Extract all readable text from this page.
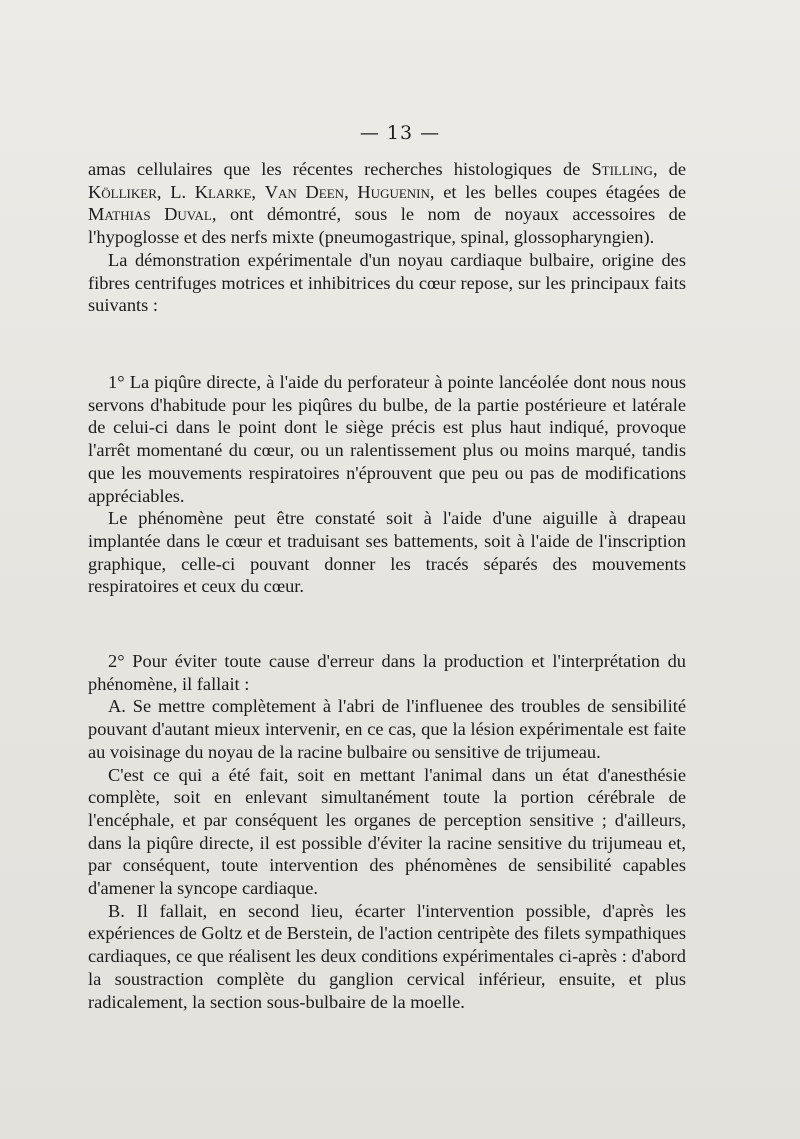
— 13 —

amas cellulaires que les récentes recherches histologiques de Stilling, de Kölliker, L. Klarke, Van Deen, Huguenin, et les belles coupes étagées de Mathias Duval, ont démontré, sous le nom de noyaux accessoires de l'hypoglosse et des nerfs mixte (pneumogastrique, spinal, glossopharyngien).

La démonstration expérimentale d'un noyau cardiaque bulbaire, origine des fibres centrifuges motrices et inhibitrices du cœur repose, sur les principaux faits suivants :

1° La piqûre directe, à l'aide du perforateur à pointe lancéolée dont nous nous servons d'habitude pour les piqûres du bulbe, de la partie postérieure et latérale de celui-ci dans le point dont le siège précis est plus haut indiqué, provoque l'arrêt momentané du cœur, ou un ralentissement plus ou moins marqué, tandis que les mouvements respiratoires n'éprouvent que peu ou pas de modifications appréciables.

Le phénomène peut être constaté soit à l'aide d'une aiguille à drapeau implantée dans le cœur et traduisant ses battements, soit à l'aide de l'inscription graphique, celle-ci pouvant donner les tracés séparés des mouvements respiratoires et ceux du cœur.

2° Pour éviter toute cause d'erreur dans la production et l'interprétation du phénomène, il fallait :

A. Se mettre complètement à l'abri de l'influenee des troubles de sensibilité pouvant d'autant mieux intervenir, en ce cas, que la lésion expérimentale est faite au voisinage du noyau de la racine bulbaire ou sensitive de trijumeau.

C'est ce qui a été fait, soit en mettant l'animal dans un état d'anesthésie complète, soit en enlevant simultanément toute la portion cérébrale de l'encéphale, et par conséquent les organes de perception sensitive ; d'ailleurs, dans la piqûre directe, il est possible d'éviter la racine sensitive du trijumeau et, par conséquent, toute intervention des phénomènes de sensibilité capables d'amener la syncope cardiaque.

B. Il fallait, en second lieu, écarter l'intervention possible, d'après les expériences de Goltz et de Berstein, de l'action centripète des filets sympathiques cardiaques, ce que réalisent les deux conditions expérimentales ci-après : d'abord la soustraction complète du ganglion cervical inférieur, ensuite, et plus radicalement, la section sous-bulbaire de la moelle.
